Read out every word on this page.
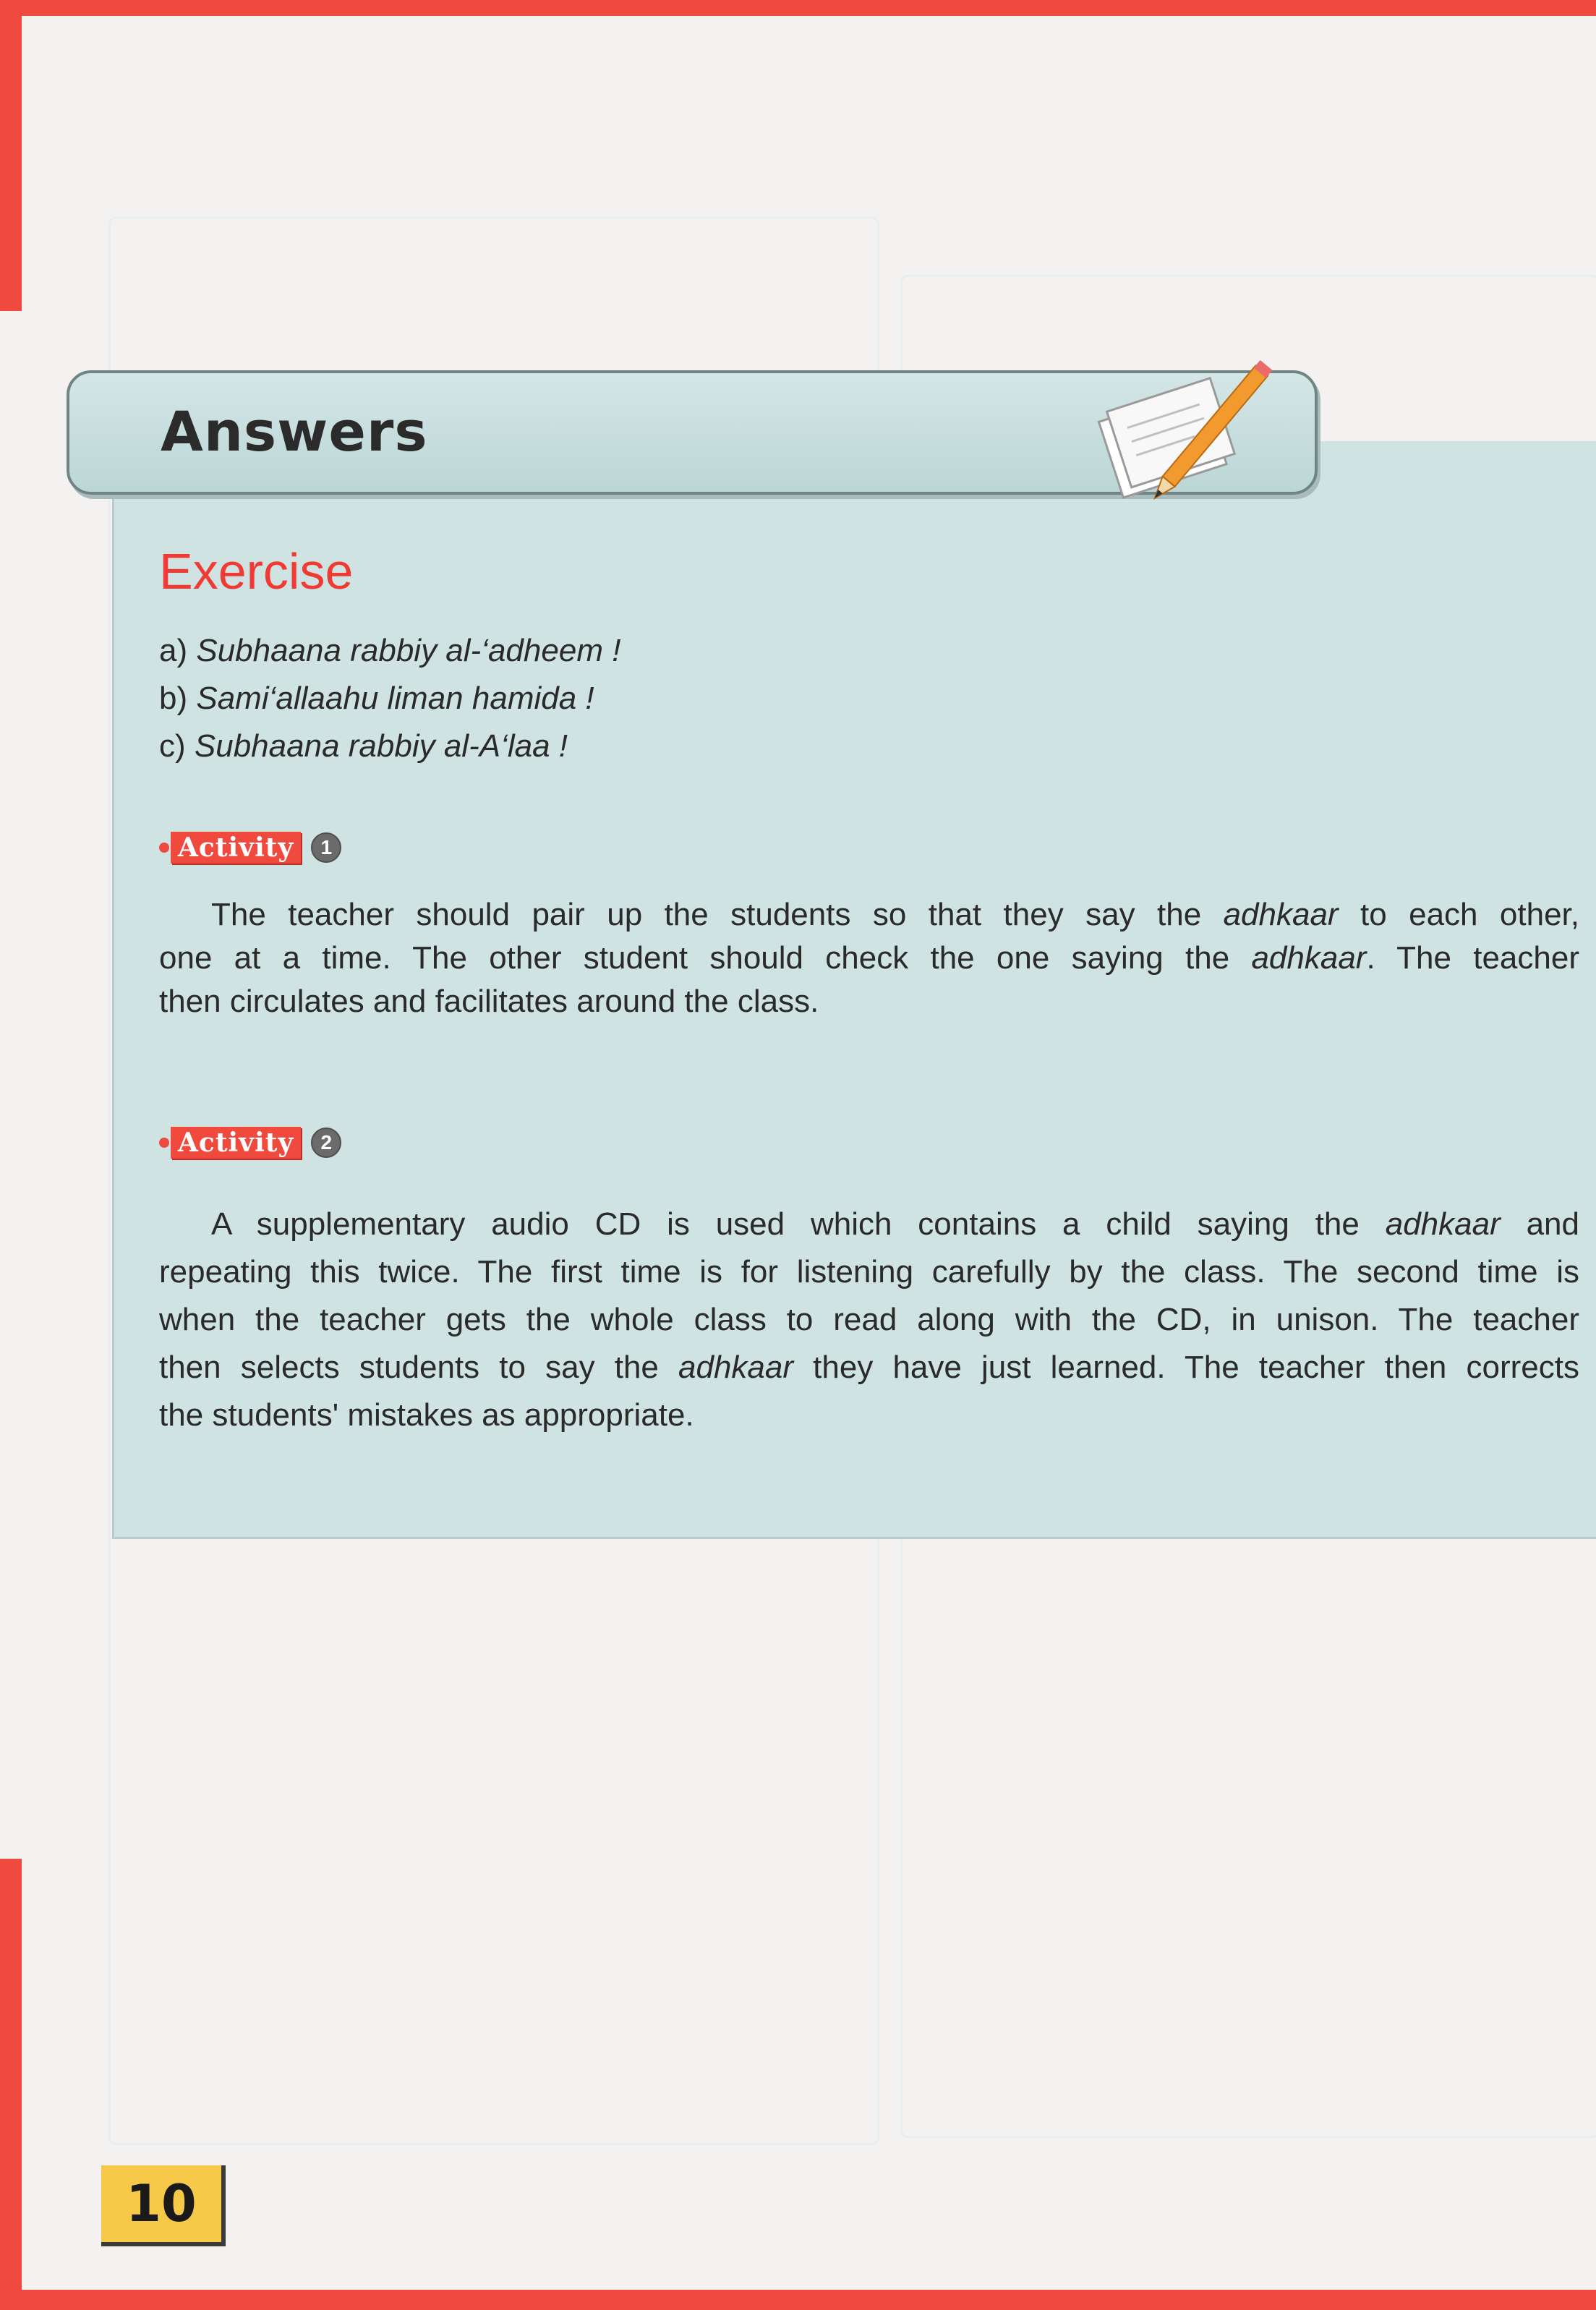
Answers
Exercise
a) Subhaana rabbiy al-‘adheem !
b) Sami‘allaahu liman hamida !
c) Subhaana rabbiy al-A‘laa !
Activity	1
The teacher should pair up the students so that they say the adhkaar to each other,
one at a time. The other student should check the one saying the adhkaar. The teacher
then circulates and facilitates around the class.
Activity	2
A supplementary audio CD is used which contains a child saying the adhkaar and
repeating this twice. The first time is for listening carefully by the class. The second time is
when the teacher gets the whole class to read along with the CD, in unison. The teacher
then selects students to say the adhkaar they have just learned. The teacher then corrects
the students' mistakes as appropriate.
10
